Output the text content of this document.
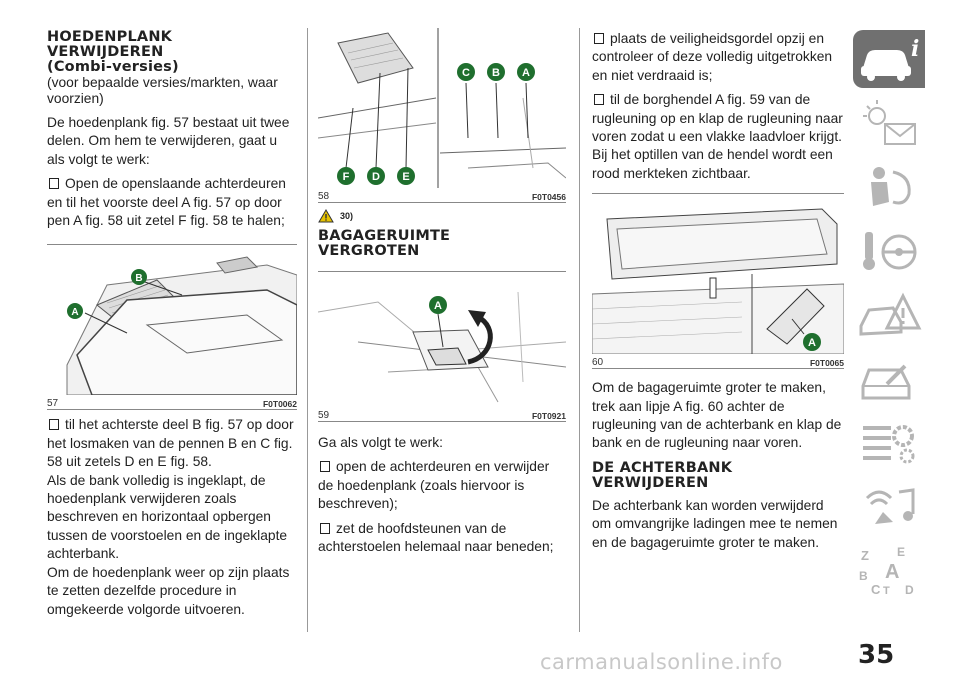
HOEDENPLANK
VERWIJDEREN
(Combi-versies)

(voor bepaalde versies/markten, waar voorzien)

De hoedenplank fig. 57 bestaat uit twee delen. Om hem te verwijderen, gaat u als volgt te werk:

Open de openslaande achterdeuren en til het voorste deel A fig. 57 op door pen A fig. 58 uit zetel F fig. 58 te halen;

A
B
57	F0T0062

til het achterste deel B fig. 57 op door het losmaken van de pennen B en C fig. 58 uit zetels D en E fig. 58.

Als de bank volledig is ingeklapt, de hoedenplank verwijderen zoals beschreven en horizontaal opbergen tussen de voorstoelen en de ingeklapte achterbank.

Om de hoedenplank weer op zijn plaats te zetten dezelfde procedure in omgekeerde volgorde uitvoeren.

C B A
F D E
58	F0T0456
30)
BAGAGERUIMTE
VERGROTEN
A
59	F0T0921

Ga als volgt te werk:

open de achterdeuren en verwijder de hoedenplank (zoals hiervoor is beschreven);

zet de hoofdsteunen van de achterstoelen helemaal naar beneden;

plaats de veiligheidsgordel opzij en controleer of deze volledig uitgetrokken en niet verdraaid is;

til de borghendel A fig. 59 van de rugleuning op en klap de rugleuning naar voren zodat u een vlakke laadvloer krijgt. Bij het optillen van de hendel wordt een rood merkteken zichtbaar.

A
60	F0T0065

Om de bagageruimte groter te maken, trek aan lipje A fig. 60 achter de rugleuning van de achterbank en klap de bank en de rugleuning naar voren.

DE ACHTERBANK
VERWIJDEREN

De achterbank kan worden verwijderd om omvangrijke ladingen mee te nemen en de bagageruimte groter te maken.

i
Z E
B A
C T D
carmanualsonline.info	35
